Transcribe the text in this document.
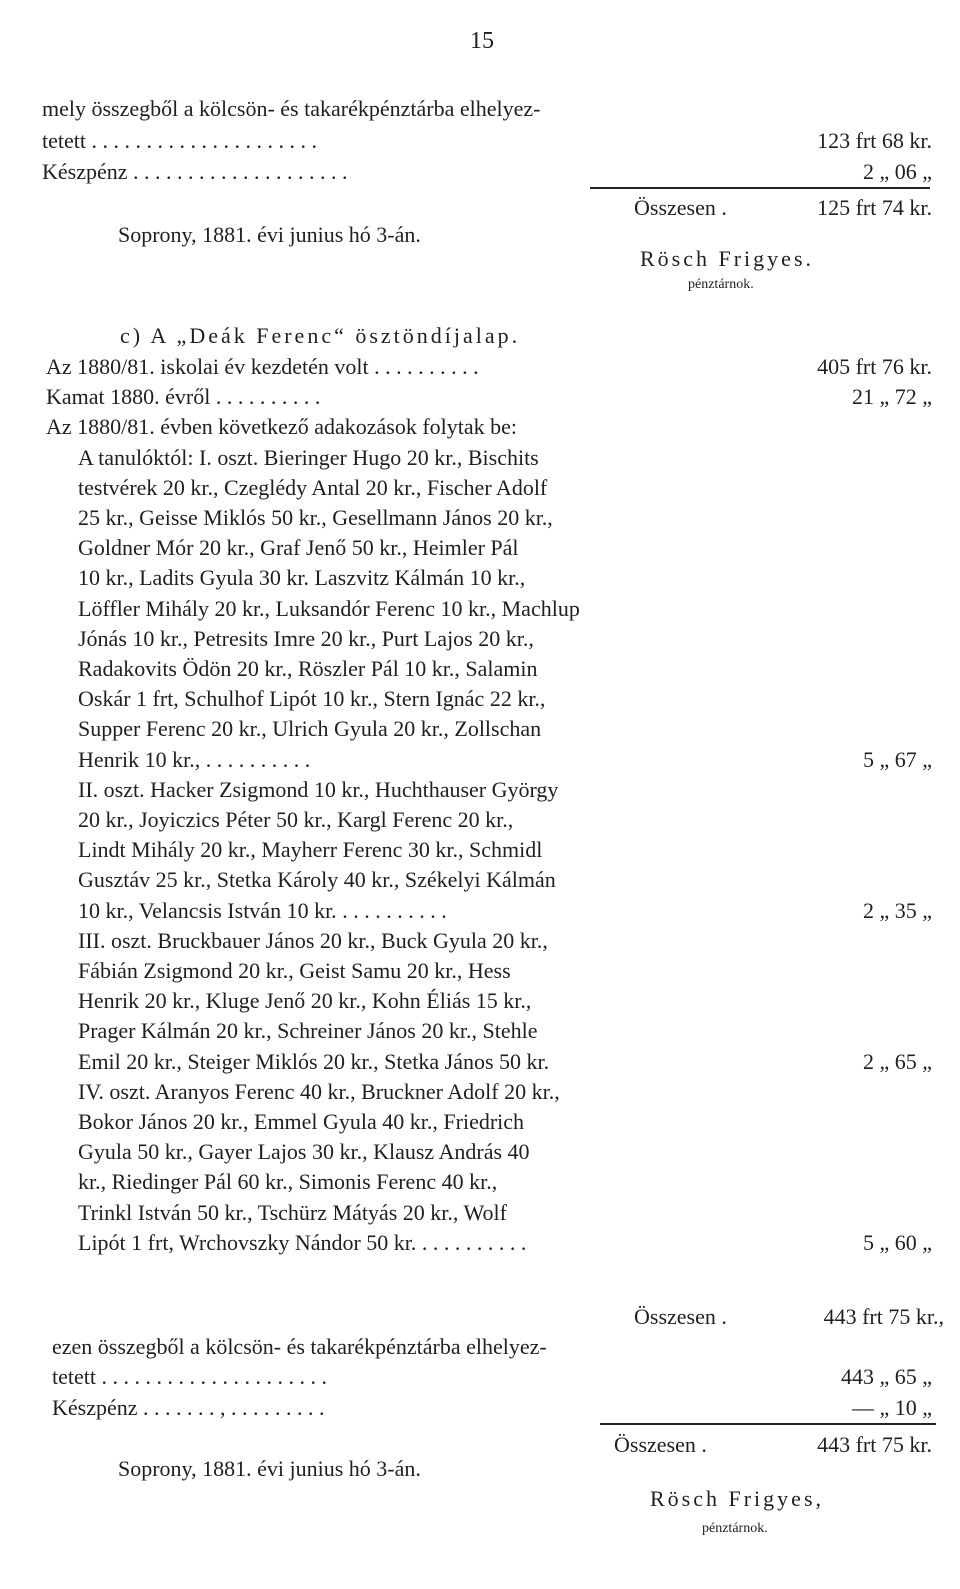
15
mely összegből a kölcsön- és takarékpénztárba elhelyez-
tetett . . . . . . . . . . . . . . . . . . . . .	123 frt 68 kr.
Készpénz . . . . . . . . . . . . . . . . . . . .	2 „ 06 „
Összesen .	125 frt 74 kr.
Soprony, 1881. évi junius hó 3-án.
Rösch Frigyes.
pénztárnok.
c) A „Deák Ferenc“ ösztöndíjalap.
Az 1880/81. iskolai év kezdetén volt . . . . . . . . . .	405 frt 76 kr.
Kamat 1880. évről . . . . . . . . . .	21 „ 72 „
Az 1880/81. évben következő adakozások folytak be:
A tanulóktól: I. oszt. Bieringer Hugo 20 kr., Bischits
testvérek 20 kr., Czeglédy Antal 20 kr., Fischer Adolf
25 kr., Geisse Miklós 50 kr., Gesellmann János 20 kr.,
Goldner Mór 20 kr., Graf Jenő 50 kr., Heimler Pál
10 kr., Ladits Gyula 30 kr. Laszvitz Kálmán 10 kr.,
Löffler Mihály 20 kr., Luksandór Ferenc 10 kr., Machlup
Jónás 10 kr., Petresits Imre 20 kr., Purt Lajos 20 kr.,
Radakovits Ödön 20 kr., Röszler Pál 10 kr., Salamin
Oskár 1 frt, Schulhof Lipót 10 kr., Stern Ignác 22 kr.,
Supper Ferenc 20 kr., Ulrich Gyula 20 kr., Zollschan
Henrik 10 kr., . . . . . . . . . .	5 „ 67 „
II. oszt. Hacker Zsigmond 10 kr., Huchthauser György
20 kr., Joyiczics Péter 50 kr., Kargl Ferenc 20 kr.,
Lindt Mihály 20 kr., Mayherr Ferenc 30 kr., Schmidl
Gusztáv 25 kr., Stetka Károly 40 kr., Székelyi Kálmán
10 kr., Velancsis István 10 kr. . . . . . . . . . .	2 „ 35 „
III. oszt. Bruckbauer János 20 kr., Buck Gyula 20 kr.,
Fábián Zsigmond 20 kr., Geist Samu 20 kr., Hess
Henrik 20 kr., Kluge Jenő 20 kr., Kohn Éliás 15 kr.,
Prager Kálmán 20 kr., Schreiner János 20 kr., Stehle
Emil 20 kr., Steiger Miklós 20 kr., Stetka János 50 kr.	2 „ 65 „
IV. oszt. Aranyos Ferenc 40 kr., Bruckner Adolf 20 kr.,
Bokor János 20 kr., Emmel Gyula 40 kr., Friedrich
Gyula 50 kr., Gayer Lajos 30 kr., Klausz András 40
kr., Riedinger Pál 60 kr., Simonis Ferenc 40 kr.,
Trinkl István 50 kr., Tschürz Mátyás 20 kr., Wolf
Lipót 1 frt, Wrchovszky Nándor 50 kr. . . . . . . . . . .	5 „ 60 „
Összesen .	443 frt 75 kr.,
ezen összegből a kölcsön- és takarékpénztárba elhelyez-
tetett . . . . . . . . . . . . . . . . . . . . .	443 „ 65 „
Készpénz . . . . . . . , . . . . . . . . .	— „ 10 „
Összesen .	443 frt 75 kr.
Soprony, 1881. évi junius hó 3-án.
Rösch Frigyes,
pénztárnok.
